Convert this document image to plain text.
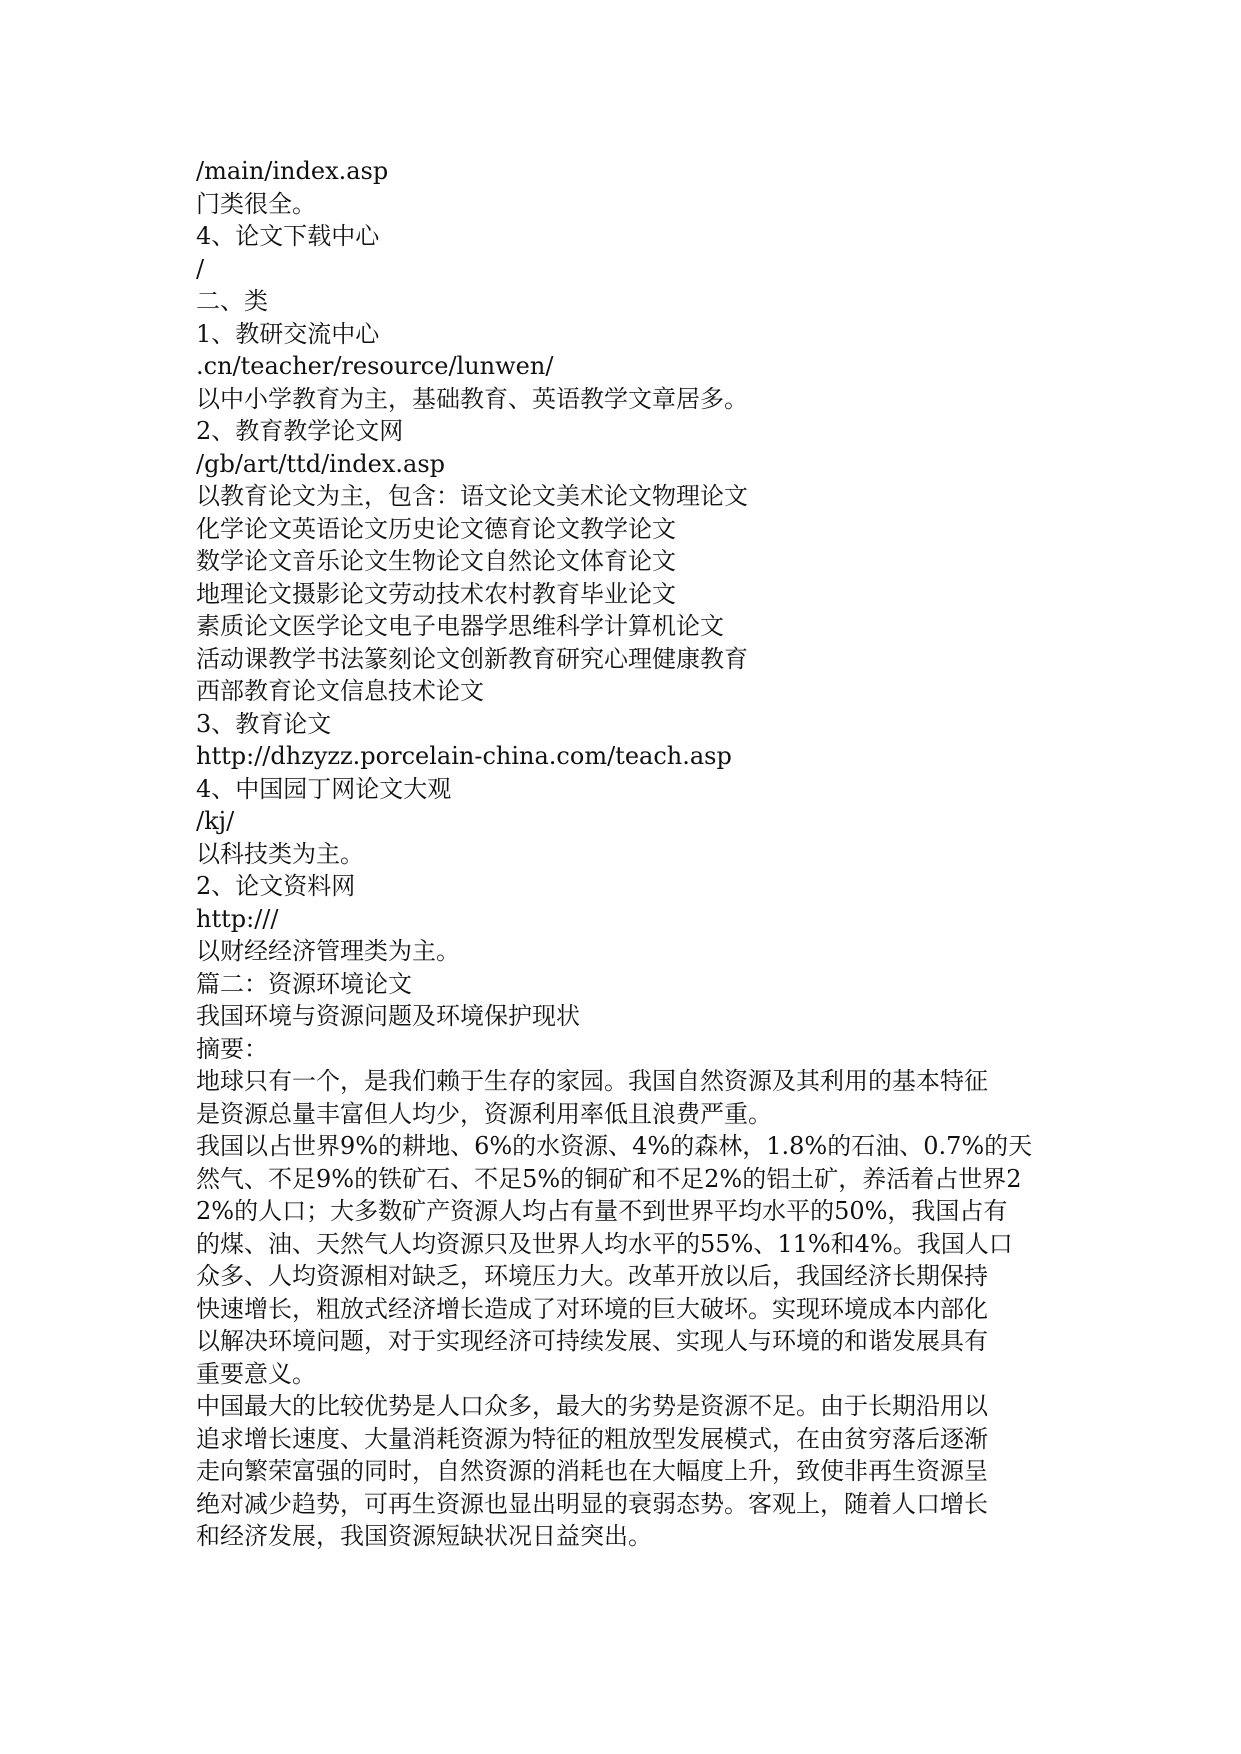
/main/index.asp
门类很全。
4、论文下载中心
/
二、类
1、教研交流中心
.cn/teacher/resource/lunwen/
以中小学教育为主，基础教育、英语教学文章居多。
2、教育教学论文网
/gb/art/ttd/index.asp
以教育论文为主，包含：语文论文美术论文物理论文
化学论文英语论文历史论文德育论文教学论文
数学论文音乐论文生物论文自然论文体育论文
地理论文摄影论文劳动技术农村教育毕业论文
素质论文医学论文电子电器学思维科学计算机论文
活动课教学书法篆刻论文创新教育研究心理健康教育
西部教育论文信息技术论文
3、教育论文
http://dhzyzz.porcelain-china.com/teach.asp
4、中国园丁网论文大观
/kj/
以科技类为主。
2、论文资料网
http:///
以财经经济管理类为主。
篇二：资源环境论文
我国环境与资源问题及环境保护现状
摘要：
地球只有一个，是我们赖于生存的家园。我国自然资源及其利用的基本特征
是资源总量丰富但人均少，资源利用率低且浪费严重。
我国以占世界9%的耕地、6%的水资源、4%的森林，1.8%的石油、0.7%的天
然气、不足9%的铁矿石、不足5%的铜矿和不足2%的铝土矿，养活着占世界2
2%的人口；大多数矿产资源人均占有量不到世界平均水平的50%，我国占有
的煤、油、天然气人均资源只及世界人均水平的55%、11%和4%。我国人口
众多、人均资源相对缺乏，环境压力大。改革开放以后，我国经济长期保持
快速增长，粗放式经济增长造成了对环境的巨大破坏。实现环境成本内部化
以解决环境问题，对于实现经济可持续发展、实现人与环境的和谐发展具有
重要意义。
中国最大的比较优势是人口众多，最大的劣势是资源不足。由于长期沿用以
追求增长速度、大量消耗资源为特征的粗放型发展模式，在由贫穷落后逐渐
走向繁荣富强的同时，自然资源的消耗也在大幅度上升，致使非再生资源呈
绝对减少趋势，可再生资源也显出明显的衰弱态势。客观上，随着人口增长
和经济发展，我国资源短缺状况日益突出。
